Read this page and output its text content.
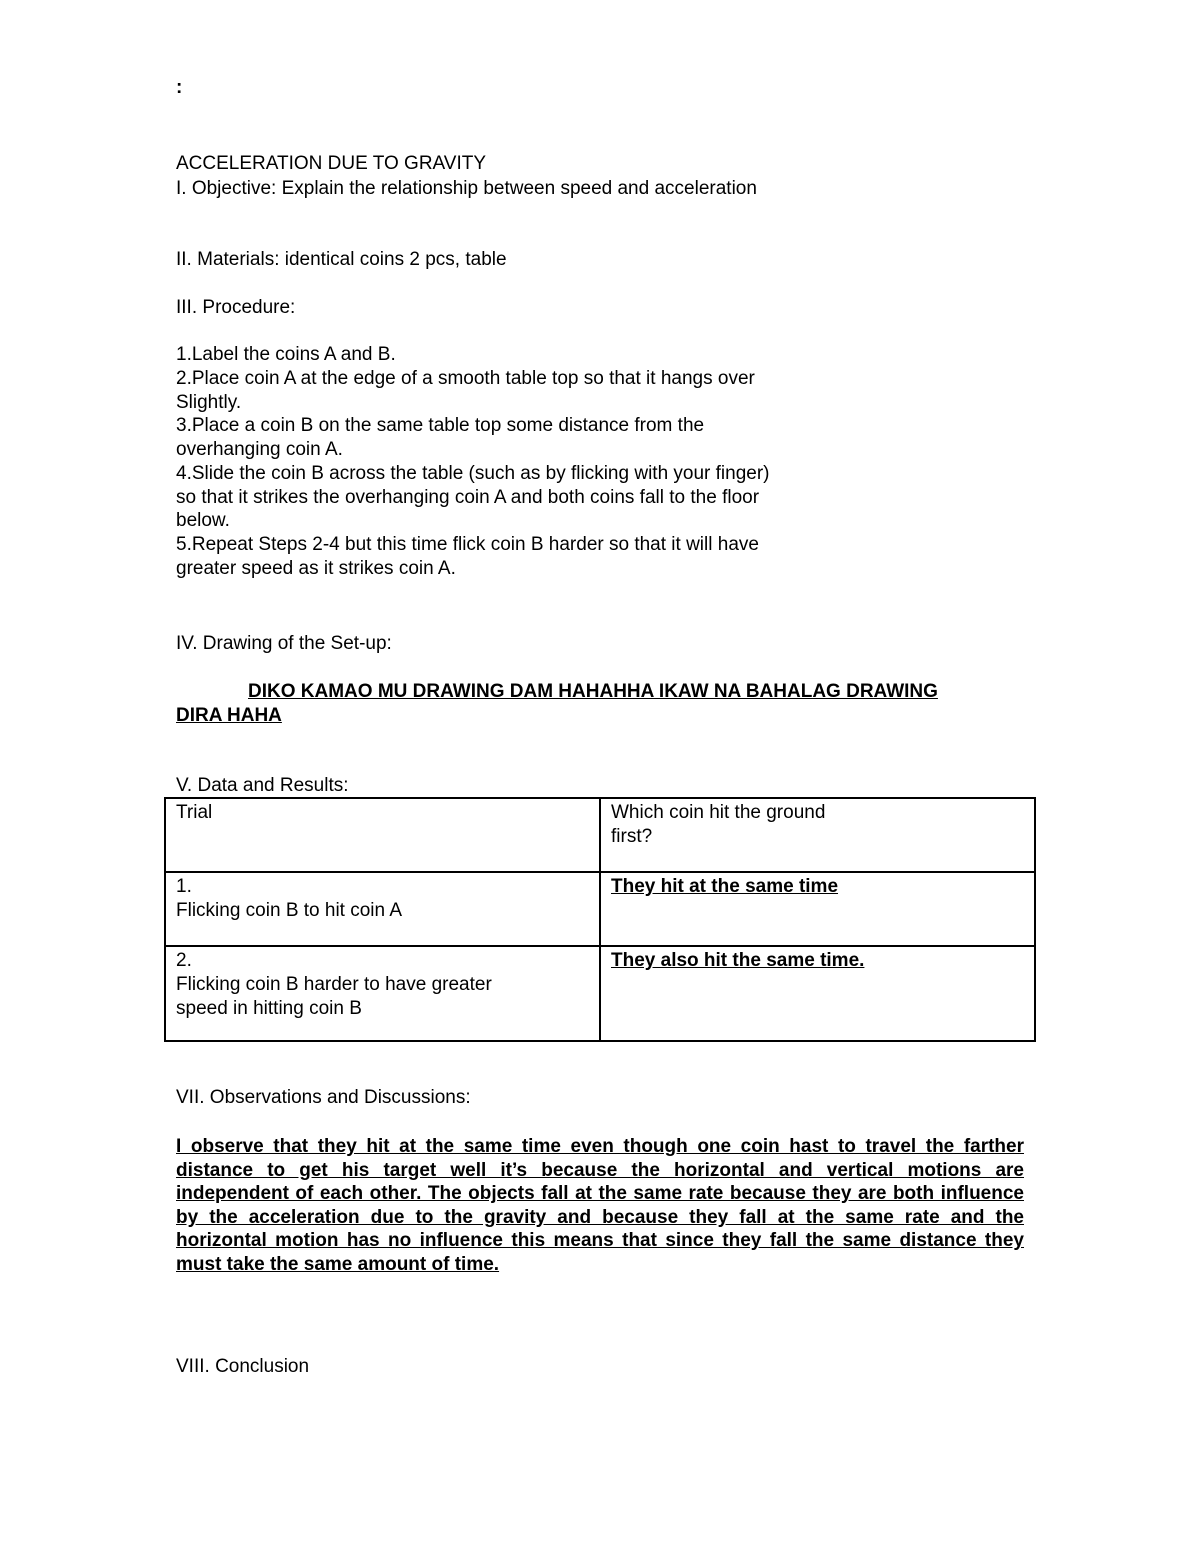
:
ACCELERATION DUE TO GRAVITY
I. Objective: Explain the relationship between speed and acceleration
II. Materials: identical coins 2 pcs, table
III. Procedure:
1.Label the coins A and B.
2.Place coin A at the edge of a smooth table top so that it hangs over
Slightly.
3.Place a coin B on the same table top some distance from the
overhanging coin A.
4.Slide the coin B across the table (such as by flicking with your finger)
so that it strikes the overhanging coin A and both coins fall to the floor
below.
5.Repeat Steps 2-4 but this time flick coin B harder so that it will have
greater speed as it strikes coin A.
IV. Drawing of the Set-up:
DIKO KAMAO MU DRAWING DAM HAHAHHA IKAW NA BAHALAG DRAWING
DIRA HAHA
V. Data and Results:
Trial	Which coin hit the ground
first?

1.
Flicking coin B to hit coin A	They hit at the same time

2.
Flicking coin B harder to have greater
speed in hitting coin B	They also hit the same time.
VII. Observations and Discussions:
I observe that they hit at the same time even though one coin hast to travel the farther distance to get his target well it’s because the horizontal and vertical motions are independent of each other. The objects fall at the same rate because they are both influence by the acceleration due to the gravity and because they fall at the same rate and the horizontal motion has no influence this means that since they fall the same distance they must take the same amount of time.
VIII. Conclusion
